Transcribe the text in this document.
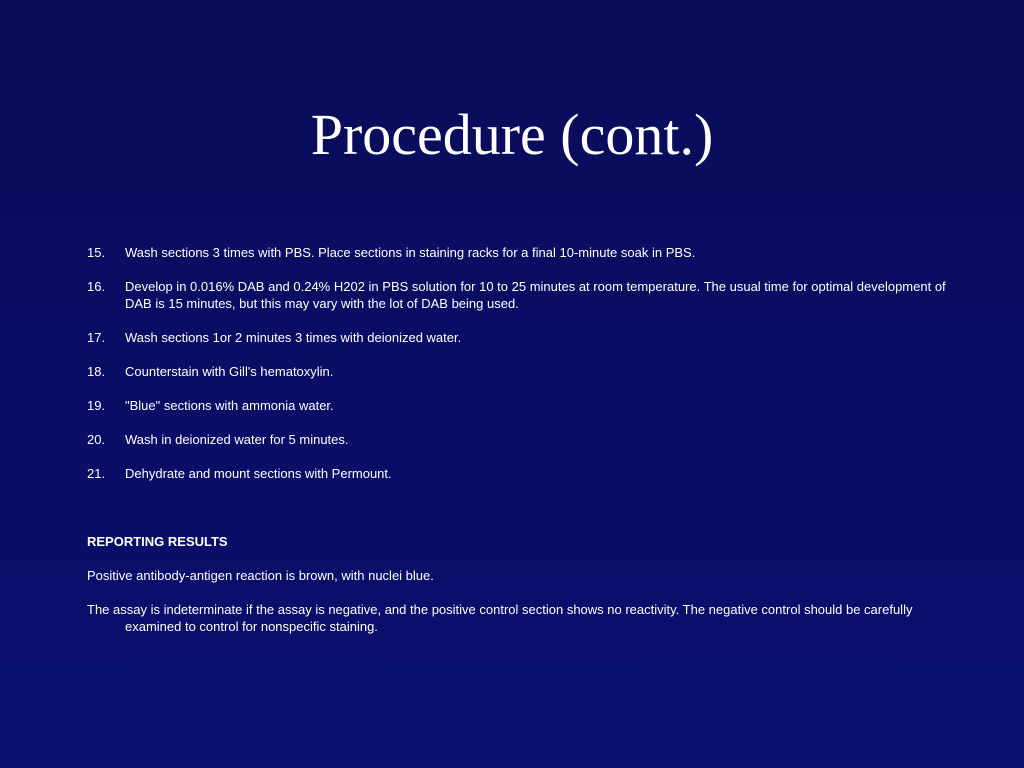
Procedure (cont.)
15.	Wash sections 3 times with PBS. Place sections in staining racks for a final 10-minute soak in PBS.
16.	Develop in 0.016% DAB and 0.24% H202 in PBS solution for 10 to 25 minutes at room temperature. The usual time for optimal development of DAB is 15 minutes, but this may vary with the lot of DAB being used.
17.	Wash sections 1or 2 minutes 3 times with deionized water.
18.	Counterstain with Gill's hematoxylin.
19.	"Blue" sections with ammonia water.
20.	Wash in deionized water for 5 minutes.
21.	Dehydrate and mount sections with Permount.
REPORTING RESULTS

Positive antibody-antigen reaction is brown, with nuclei blue.

The assay is indeterminate if the assay is negative, and the positive control section shows no reactivity. The negative control should be carefully examined to control for nonspecific staining.
